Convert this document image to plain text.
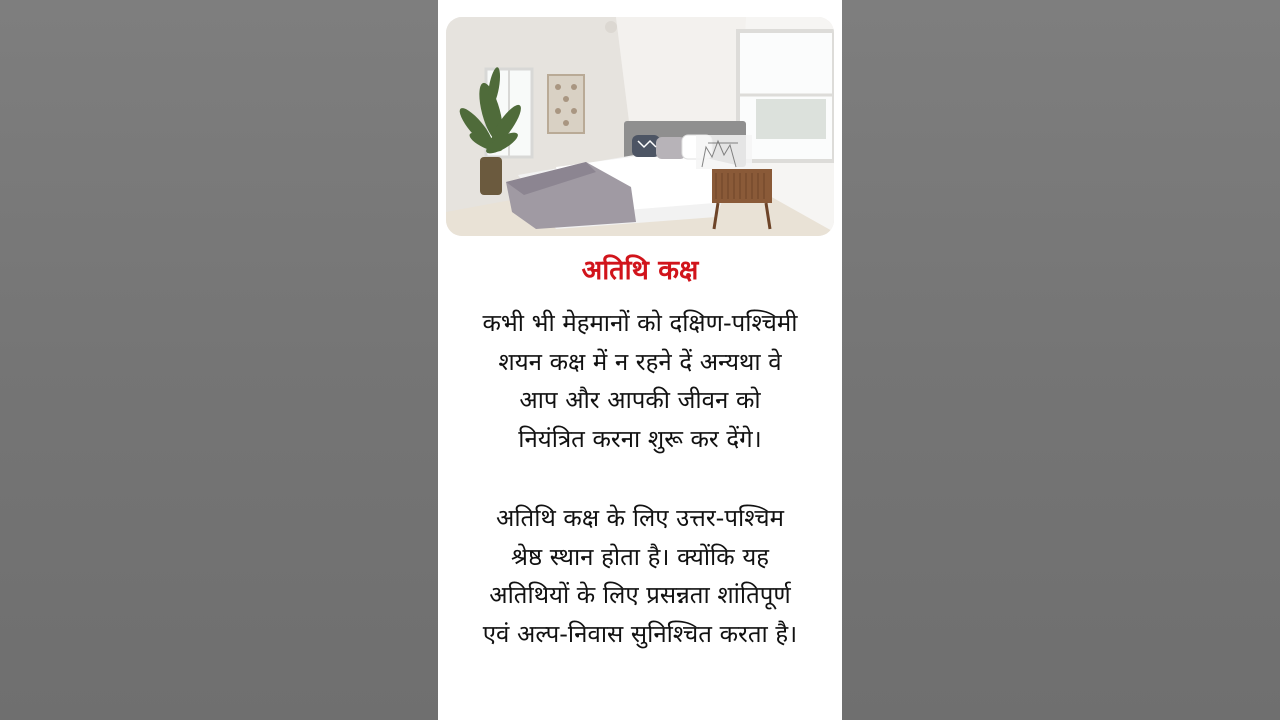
अतिथि कक्ष
कभी भी मेहमानों को दक्षिण-पश्चिमी
शयन कक्ष में न रहने दें अन्यथा वे
आप और आपकी जीवन को
नियंत्रित करना शुरू कर देंगे।
अतिथि कक्ष के लिए उत्तर-पश्चिम
श्रेष्ठ स्थान होता है। क्योंकि यह
अतिथियों के लिए प्रसन्नता शांतिपूर्ण
एवं अल्प-निवास सुनिश्चित करता है।
